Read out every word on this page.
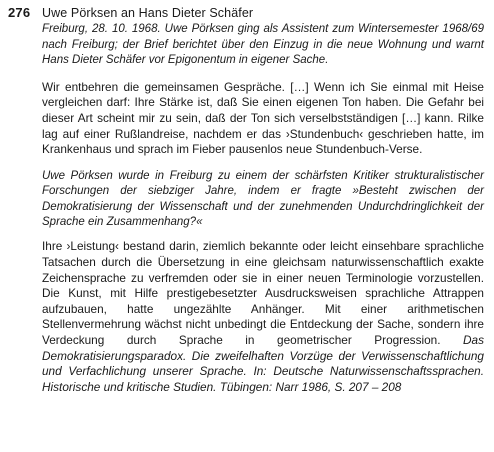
276 Uwe Pörksen an Hans Dieter Schäfer

Freiburg, 28. 10. 1968. Uwe Pörksen ging als Assistent zum Wintersemester 1968/69 nach Freiburg; der Brief berichtet über den Einzug in die neue Wohnung und warnt Hans Dieter Schäfer vor Epigonentum in eigener Sache.

Wir entbehren die gemeinsamen Gespräche. […] Wenn ich Sie einmal mit Heise vergleichen darf: Ihre Stärke ist, daß Sie einen eigenen Ton haben. Die Gefahr bei dieser Art scheint mir zu sein, daß der Ton sich verselbstständigen […] kann. Rilke lag auf einer Rußlandreise, nachdem er das ›Stundenbuch‹ geschrieben hatte, im Krankenhaus und sprach im Fieber pausenlos neue Stundenbuch-Verse.

Uwe Pörksen wurde in Freiburg zu einem der schärfsten Kritiker strukturalistischer Forschungen der siebziger Jahre, indem er fragte »Besteht zwischen der Demokratisierung der Wissenschaft und der zunehmenden Undurchdringlichkeit der Sprache ein Zusammenhang?«

Ihre ›Leistung‹ bestand darin, ziemlich bekannte oder leicht einsehbare sprachliche Tatsachen durch die Übersetzung in eine gleichsam naturwissenschaftlich exakte Zeichensprache zu verfremden oder sie in einer neuen Terminologie vorzustellen. Die Kunst, mit Hilfe prestigebesetzter Ausdrucksweisen sprachliche Attrappen aufzubauen, hatte ungezählte Anhänger. Mit einer arithmetischen Stellenvermehrung wächst nicht unbedingt die Entdeckung der Sache, sondern ihre Verdeckung durch Sprache in geometrischer Progression. Das Demokratisierungsparadox. Die zweifelhaften Vorzüge der Verwissenschaftlichung und Verfachlichung unserer Sprache. In: Deutsche Naturwissenschaftssprachen. Historische und kritische Studien. Tübingen: Narr 1986, S. 207 – 208
